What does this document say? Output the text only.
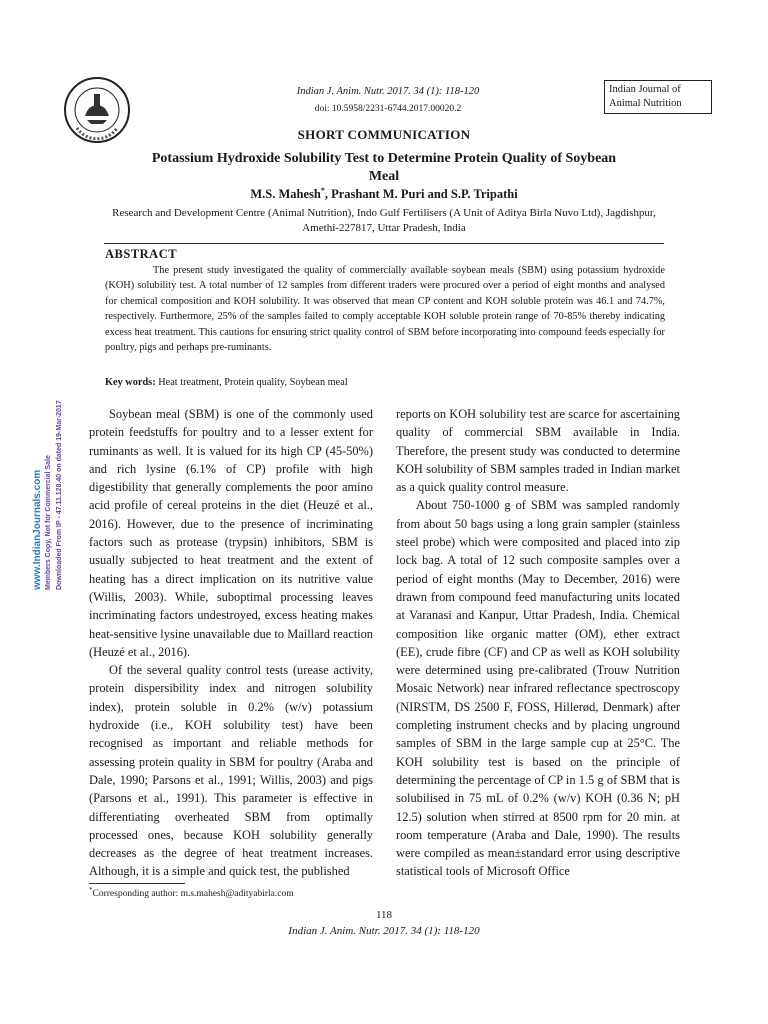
Indian J. Anim. Nutr. 2017. 34 (1): 118-120
doi: 10.5958/2231-6744.2017.00020.2
Indian Journal of
Animal Nutrition
SHORT COMMUNICATION
Potassium Hydroxide Solubility Test to Determine Protein Quality of Soybean Meal
M.S. Mahesh*, Prashant M. Puri and S.P. Tripathi
Research and Development Centre (Animal Nutrition), Indo Gulf Fertilisers (A Unit of Aditya Birla Nuvo Ltd), Jagdishpur, Amethi-227817, Uttar Pradesh, India
ABSTRACT
The present study investigated the quality of commercially available soybean meals (SBM) using potassium hydroxide (KOH) solubility test. A total number of 12 samples from different traders were procured over a period of eight months and analysed for chemical composition and KOH solubility. It was observed that mean CP content and KOH soluble protein was 46.1 and 74.7%, respectively. Furthermore, 25% of the samples failed to comply acceptable KOH soluble protein range of 70-85% thereby indicating excess heat treatment. This cautions for ensuring strict quality control of SBM before incorporating into compound feeds especially for poultry, pigs and perhaps pre-ruminants.
Key words: Heat treatment, Protein quality, Soybean meal
www.IndianJournals.com Members Copy, Not for Commercial Sale Downloaded From IP - 47.11.128.40 on dated 19-Mar-2017	Soybean meal (SBM) is one of the commonly used protein feedstuffs for poultry and to a lesser extent for ruminants as well. It is valued for its high CP (45-50%) and rich lysine (6.1% of CP) profile with high digestibility that generally complements the poor amino acid profile of cereal proteins in the diet (Heuzé et al., 2016). However, due to the presence of incriminating factors such as protease (trypsin) inhibitors, SBM is usually subjected to heat treatment and the extent of heating has a direct implication on its nutritive value (Willis, 2003). While, suboptimal processing leaves incriminating factors undestroyed, excess heating makes heat-sensitive lysine unavailable due to Maillard reaction (Heuzé et al., 2016).

Of the several quality control tests (urease activity, protein dispersibility index and nitrogen solubility index), protein soluble in 0.2% (w/v) potassium hydroxide (i.e., KOH solubility test) have been recognised as important and reliable methods for assessing protein quality in SBM for poultry (Araba and Dale, 1990; Parsons et al., 1991; Willis, 2003) and pigs (Parsons et al., 1991). This parameter is effective in differentiating overheated SBM from optimally processed ones, because KOH solubility generally decreases as the degree of heat treatment increases. Although, it is a simple and quick test, the published

reports on KOH solubility test are scarce for ascertaining quality of commercial SBM available in India. Therefore, the present study was conducted to determine KOH solubility of SBM samples traded in Indian market as a quick quality control measure.

About 750-1000 g of SBM was sampled randomly from about 50 bags using a long grain sampler (stainless steel probe) which were composited and placed into zip lock bag. A total of 12 such composite samples over a period of eight months (May to December, 2016) were drawn from compound feed manufacturing units located at Varanasi and Kanpur, Uttar Pradesh, India. Chemical composition like organic matter (OM), ether extract (EE), crude fibre (CF) and CP as well as KOH solubility were determined using pre-calibrated (Trouw Nutrition Mosaic Network) near infrared reflectance spectroscopy (NIRSTM, DS 2500 F, FOSS, Hillerød, Denmark) after completing instrument checks and by placing unground samples of SBM in the large sample cup at 25°C. The KOH solubility test is based on the principle of determining the percentage of CP in 1.5 g of SBM that is solubilised in 75 mL of 0.2% (w/v) KOH (0.36 N; pH 12.5) solution when stirred at 8500 rpm for 20 min. at room temperature (Araba and Dale, 1990). The results were compiled as mean±standard error using descriptive statistical tools of Microsoft Office

*Corresponding author: m.s.mahesh@adityabirla.com
118
Indian J. Anim. Nutr. 2017. 34 (1): 118-120
